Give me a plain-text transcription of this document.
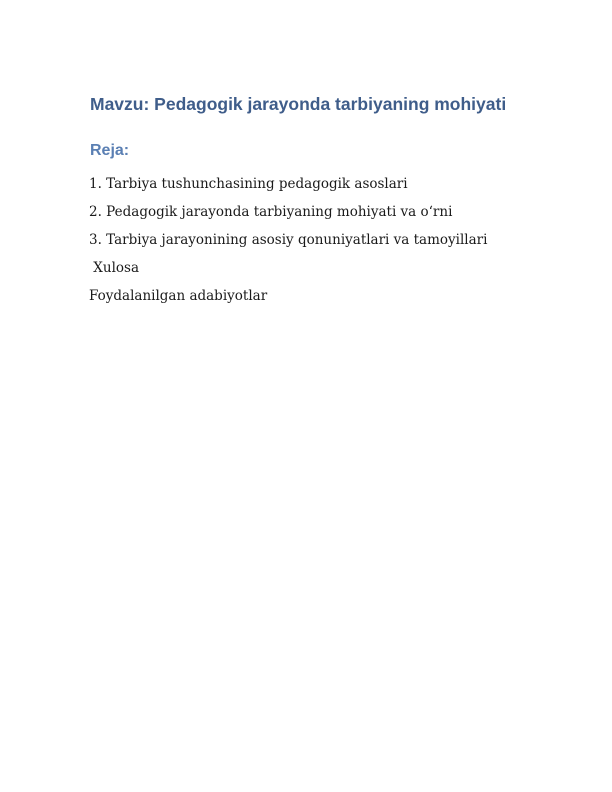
Mavzu: Pedagogik jarayonda tarbiyaning mohiyati
Reja:
1. Tarbiya tushunchasining pedagogik asoslari
2. Pedagogik jarayonda tarbiyaning mohiyati va o‘rni
3. Tarbiya jarayonining asosiy qonuniyatlari va tamoyillari
Xulosa
Foydalanilgan adabiyotlar
